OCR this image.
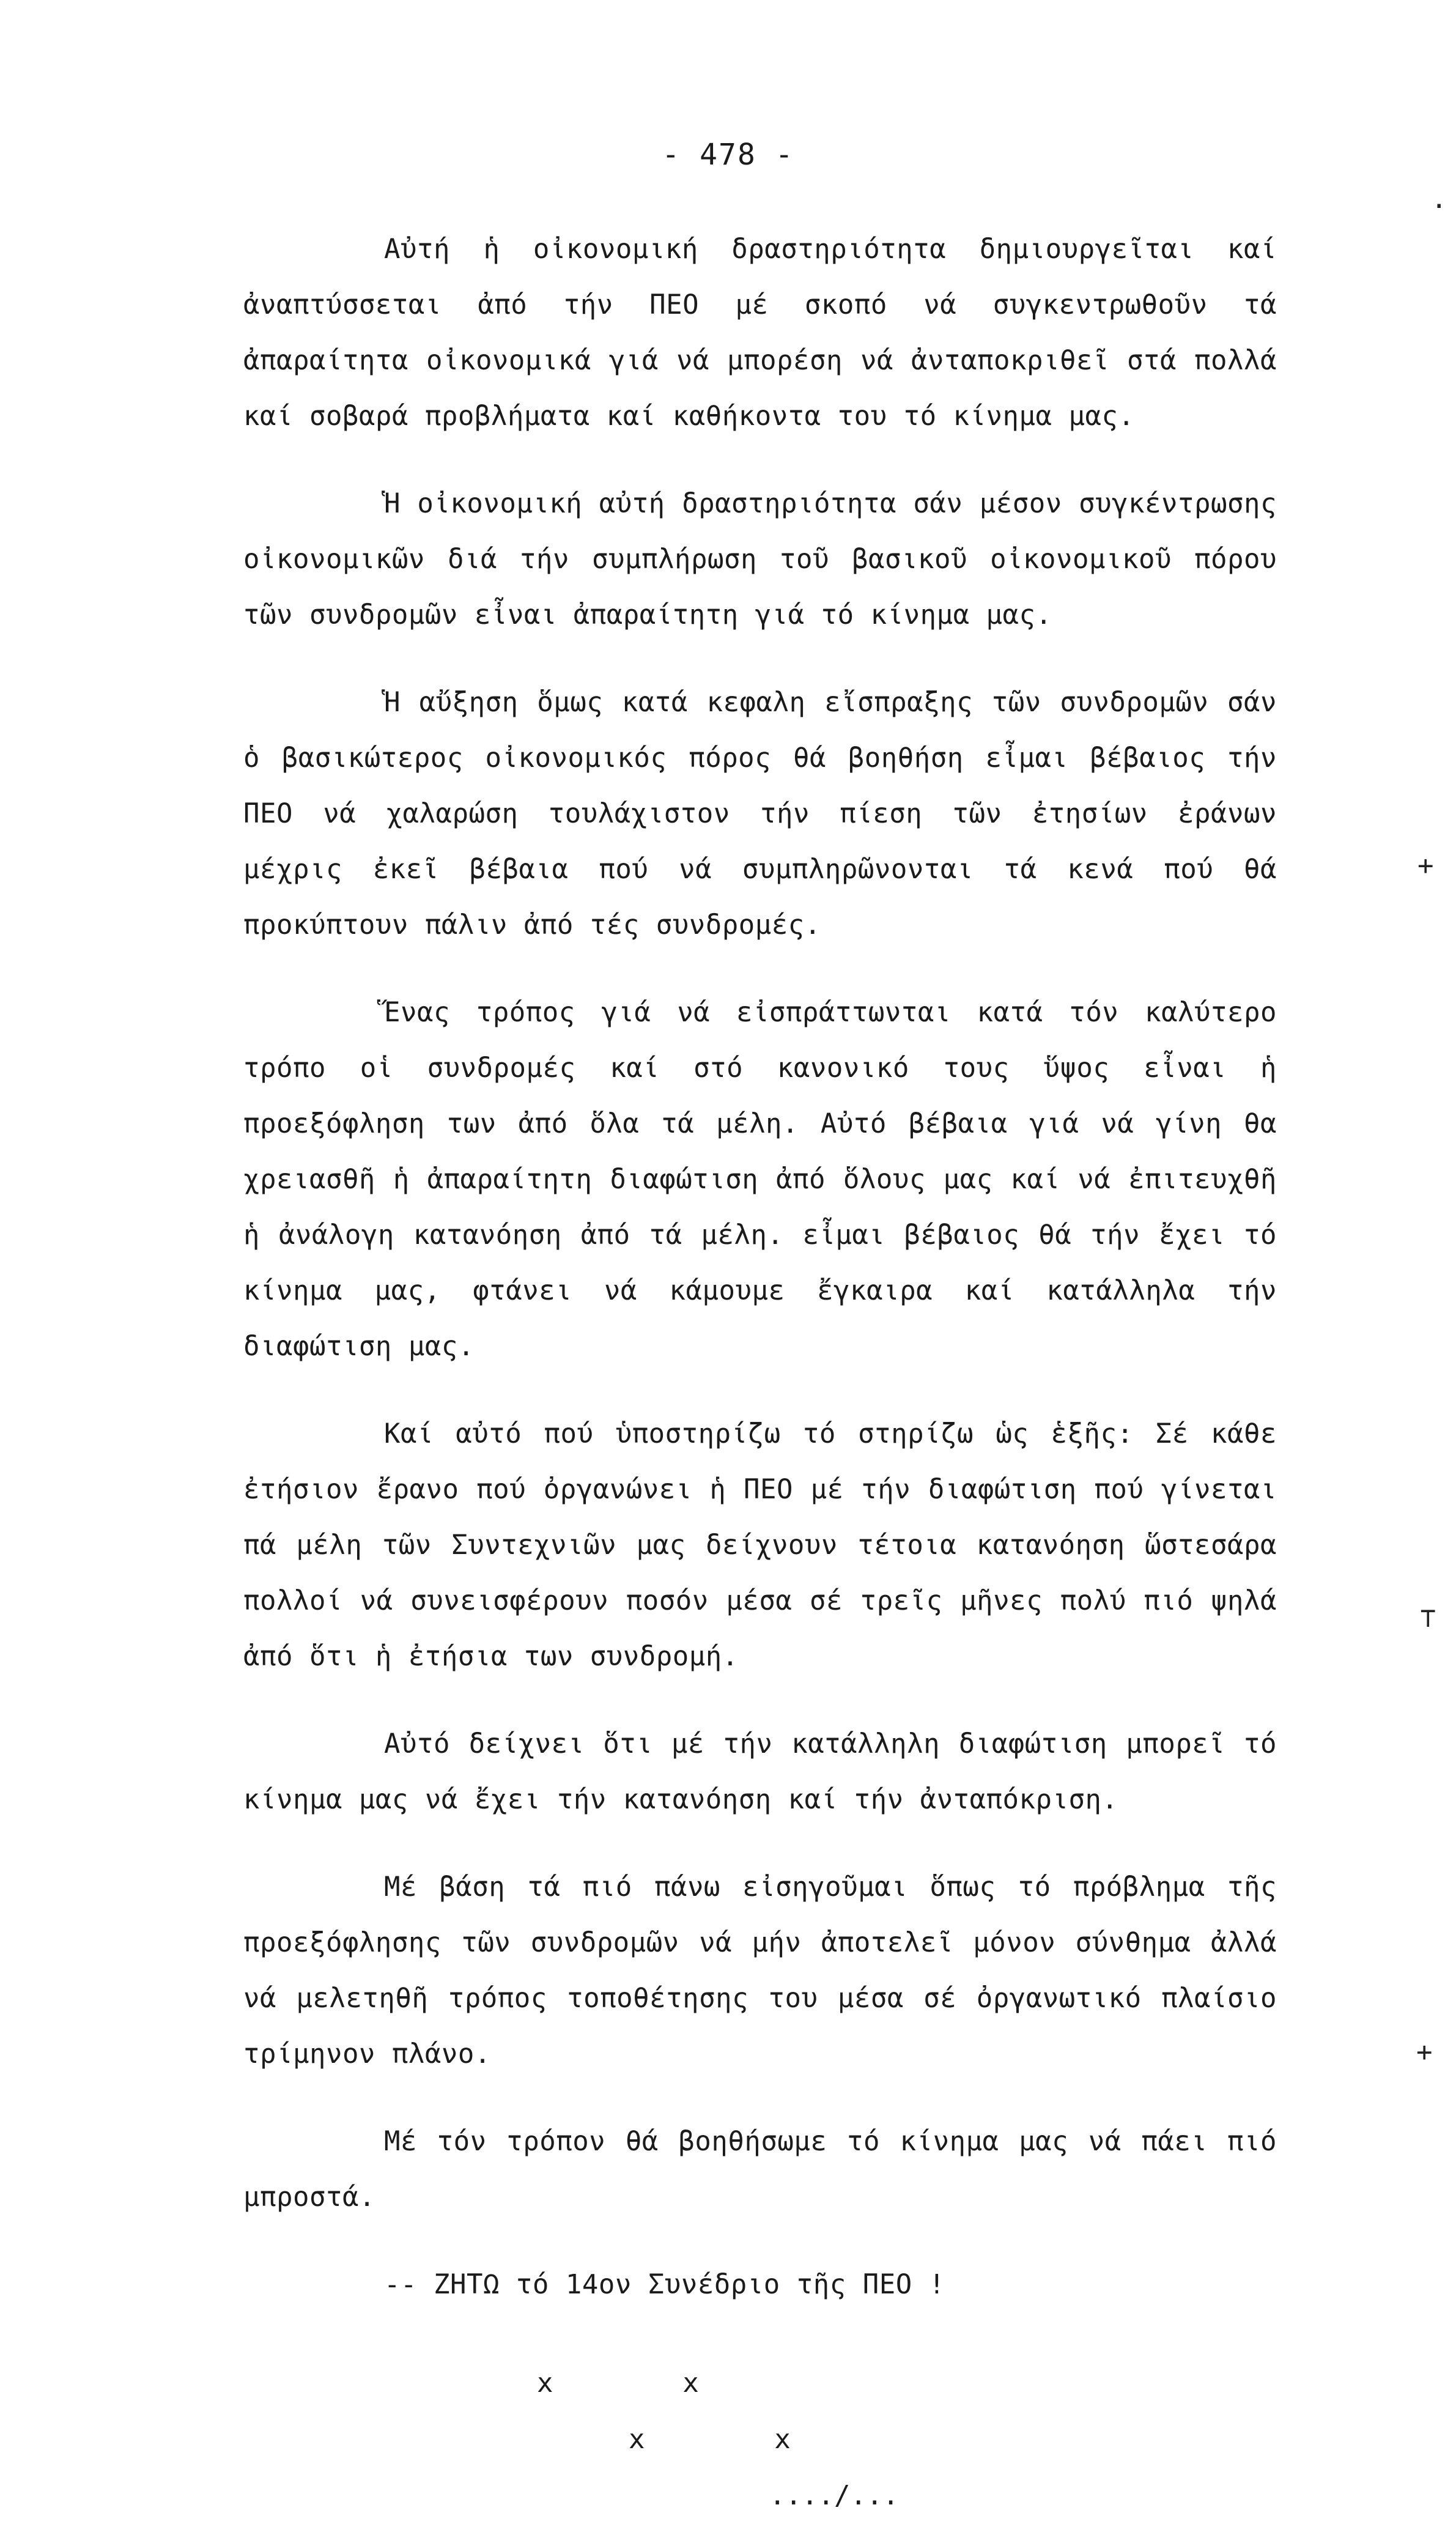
- 478 -

Αὐτή ἡ οἰκονομική δραστηριότητα δημιουργεῖται καί ἀναπτύσσεται ἀπό τήν ΠΕΟ μέ σκοπό νά συγκεντρωθοῦν τά ἀπαραίτητα οἰκονομικά γιά νά μπορέση νά ἀνταποκριθεῖ στά πολλά καί σοβαρά προβλήματα καί καθήκοντα του τό κίνημα μας.

Ἡ οἰκονομική αὐτή δραστηριότητα σάν μέσον συγκέντρωσης οἰκονομικῶν διά τήν συμπλήρωση τοῦ βασικοῦ οἰκονομικοῦ πόρου τῶν συνδρομῶν εἶναι ἀπαραίτητη γιά τό κίνημα μας.

Ἡ αὔξηση ὅμως κατά κεφαλη εἴσπραξης τῶν συνδρομῶν σάν ὁ βασικώτερος οἰκονομικός πόρος θά βοηθήση εἶμαι βέβαιος τήν ΠΕΟ νά χαλαρώση τουλάχιστον τήν πίεση τῶν ἐτησίων ἐράνων μέχρις ἐκεῖ βέβαια πού νά συμπληρῶνονται τά κενά πού θά προκύπτουν πάλιν ἀπό τές συνδρομές.

Ἕνας τρόπος γιά νά εἰσπράττωνται κατά τόν καλύτερο τρόπο οἱ συνδρομές καί στό κανονικό τους ὕψος εἶναι ἡ προεξόφληση των ἀπό ὅλα τά μέλη. Αὐτό βέβαια γιά νά γίνη θα χρειασθῆ ἡ ἀπαραίτητη διαφώτιση ἀπό ὅλους μας καί νά ἐπιτευχθῆ ἡ ἀνάλογη κατανόηση ἀπό τά μέλη. εἶμαι βέβαιος θά τήν ἔχει τό κίνημα μας, φτάνει νά κάμουμε ἔγκαιρα καί κατάλληλα τήν διαφώτιση μας.

Καί αὐτό πού ὑποστηρίζω τό στηρίζω ὡς ἑξῆς: Σέ κάθε ἐτήσιον ἔρανο πού ὀργανώνει ἡ ΠΕΟ μέ τήν διαφώτιση πού γίνεται πά μέλη τῶν Συντεχνιῶν μας δείχνουν τέτοια κατανόηση ὥστεσάρα πολλοί νά συνεισφέρουν ποσόν μέσα σέ τρεῖς μῆνες πολύ πιό ψηλά ἀπό ὅτι ἡ ἐτήσια των συνδρομή.

Αὐτό δείχνει ὅτι μέ τήν κατάλληλη διαφώτιση μπορεῖ τό κίνημα μας νά ἔχει τήν κατανόηση καί τήν ἀνταπόκριση.

Μέ βάση τά πιό πάνω εἰσηγοῦμαι ὅπως τό πρόβλημα τῆς προεξόφλησης τῶν συνδρομῶν νά μήν ἀποτελεῖ μόνον σύνθημα ἀλλά νά μελετηθῆ τρόπος τοποθέτησης του μέσα σέ ὀργανωτικό πλαίσιο τρίμηνον πλάνο.

Μέ τόν τρόπον θά βοηθήσωμε τό κίνημα μας νά πάει πιό μπροστά.

-- ΖΗΤΩ τό 14ον Συνέδριο τῆς ΠΕΟ !

x        x
x        x
..../...
.
+
⊤
+
